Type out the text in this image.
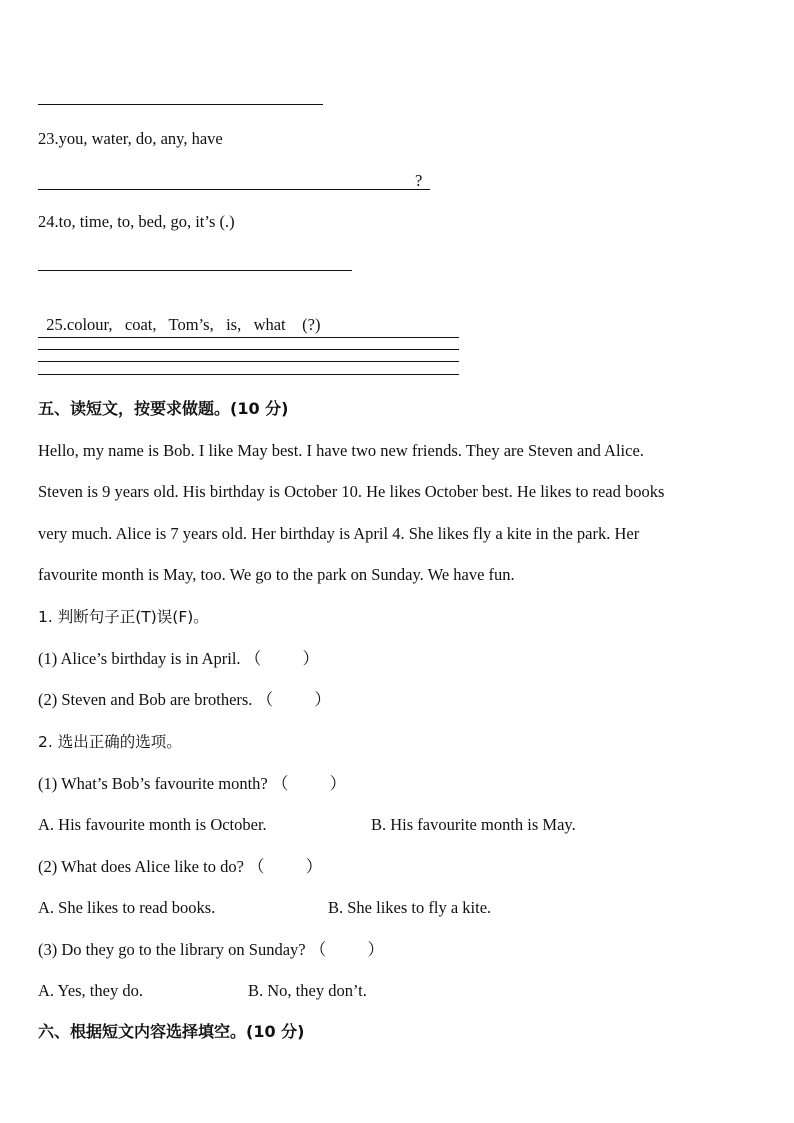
23.you, water, do, any, have
?
24.to, time, to, bed, go, it’s (.)

25.colour,   coat,   Tom’s,   is,   what    (?)

五、读短文，按要求做题。(10 分)
Hello, my name is Bob. I like May best. I have two new friends. They are Steven and Alice.
Steven is 9 years old. His birthday is October 10. He likes October best. He likes to read books
very much. Alice is 7 years old. Her birthday is April 4. She likes fly a kite in the park. Her
favourite month is May, too. We go to the park on Sunday. We have fun.
1. 判断句子正(T)误(F)。
(1) Alice’s birthday is in April. （          ）
(2) Steven and Bob are brothers. （          ）
2. 选出正确的选项。
(1) What’s Bob’s favourite month? （          ）
A. His favourite month is October.	B. His favourite month is May.
(2) What does Alice like to do? （          ）
A. She likes to read books.	B. She likes to fly a kite.
(3) Do they go to the library on Sunday? （          ）
A. Yes, they do.	B. No, they don’t.
六、根据短文内容选择填空。(10 分)
